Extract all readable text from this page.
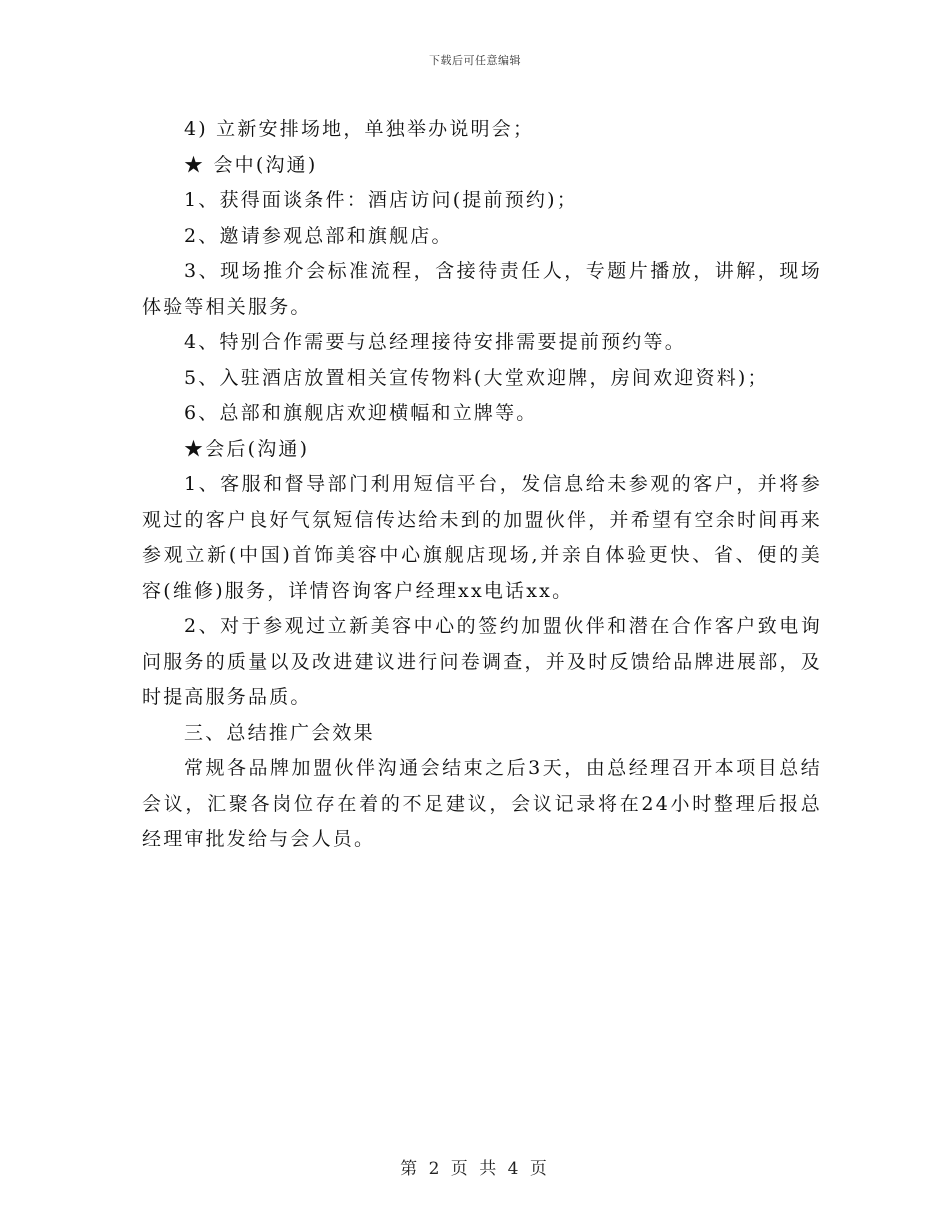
下载后可任意编辑

4) 立新安排场地，单独举办说明会；

★ 会中(沟通)

1、获得面谈条件：酒店访问(提前预约)；

2、邀请参观总部和旗舰店。

3、现场推介会标准流程，含接待责任人，专题片播放，讲解，现场体验等相关服务。

4、特别合作需要与总经理接待安排需要提前预约等。

5、入驻酒店放置相关宣传物料(大堂欢迎牌，房间欢迎资料)；

6、总部和旗舰店欢迎横幅和立牌等。

★会后(沟通)

1、客服和督导部门利用短信平台，发信息给未参观的客户，并将参观过的客户良好气氛短信传达给未到的加盟伙伴，并希望有空余时间再来参观立新(中国)首饰美容中心旗舰店现场,并亲自体验更快、省、便的美容(维修)服务，详情咨询客户经理xx电话xx。

2、对于参观过立新美容中心的签约加盟伙伴和潜在合作客户致电询问服务的质量以及改进建议进行问卷调查，并及时反馈给品牌进展部，及时提高服务品质。

三、总结推广会效果

常规各品牌加盟伙伴沟通会结束之后3天，由总经理召开本项目总结会议，汇聚各岗位存在着的不足建议，会议记录将在24小时整理后报总经理审批发给与会人员。

第 2 页 共 4 页
